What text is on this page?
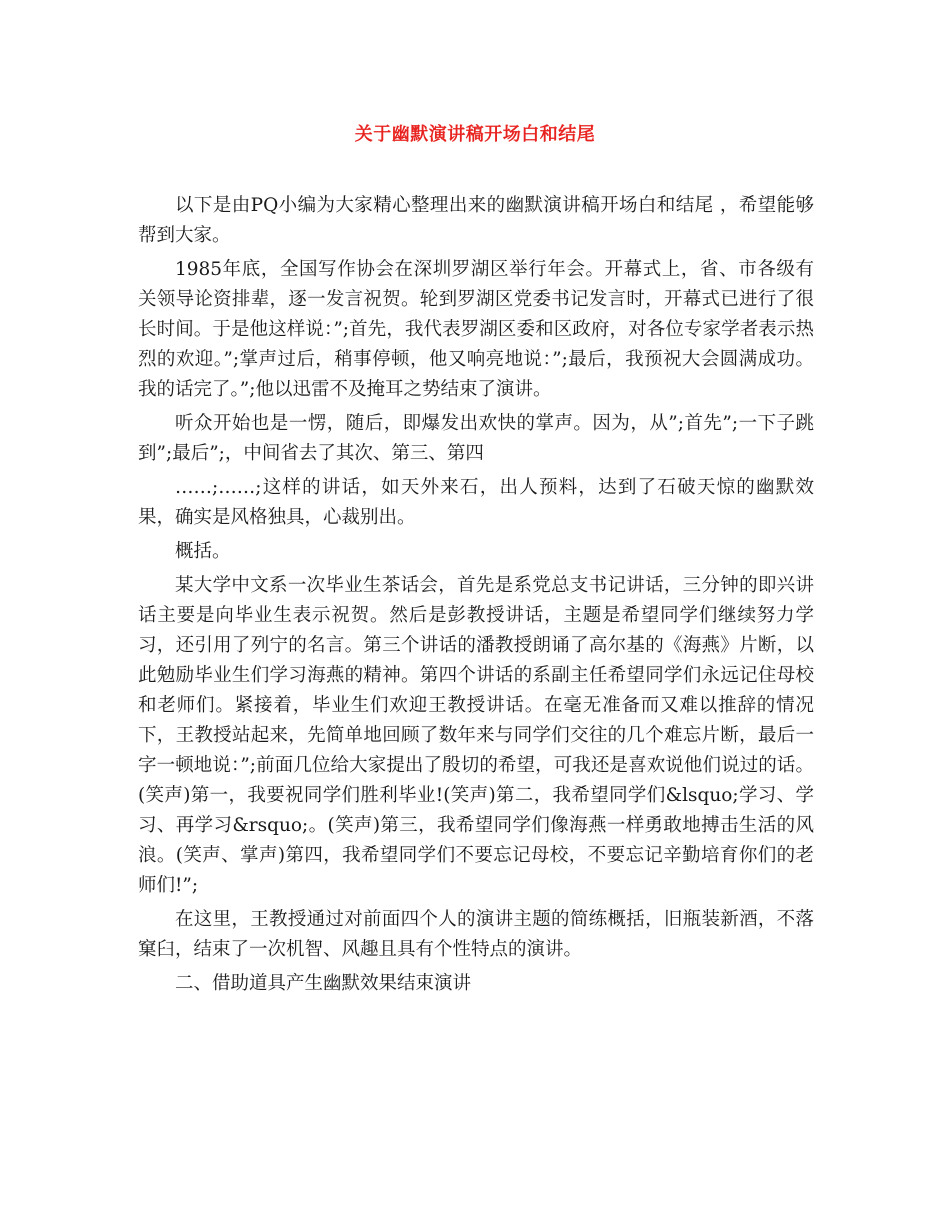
关于幽默演讲稿开场白和结尾

以下是由PQ小编为大家精心整理出来的幽默演讲稿开场白和结尾 ，希望能够帮到大家。

1985年底，全国写作协会在深圳罗湖区举行年会。开幕式上，省、市各级有关领导论资排辈，逐一发言祝贺。轮到罗湖区党委书记发言时，开幕式已进行了很长时间。于是他这样说：”;首先，我代表罗湖区委和区政府，对各位专家学者表示热烈的欢迎。”;掌声过后，稍事停顿，他又响亮地说：”;最后，我预祝大会圆满成功。我的话完了。”;他以迅雷不及掩耳之势结束了演讲。

听众开始也是一愣，随后，即爆发出欢快的掌声。因为，从”;首先”;一下子跳到”;最后”;，中间省去了其次、第三、第四

……;……;这样的讲话，如天外来石，出人预料，达到了石破天惊的幽默效果，确实是风格独具，心裁别出。

概括。

某大学中文系一次毕业生茶话会，首先是系党总支书记讲话，三分钟的即兴讲话主要是向毕业生表示祝贺。然后是彭教授讲话，主题是希望同学们继续努力学习，还引用了列宁的名言。第三个讲话的潘教授朗诵了高尔基的《海燕》片断，以此勉励毕业生们学习海燕的精神。第四个讲话的系副主任希望同学们永远记住母校和老师们。紧接着，毕业生们欢迎王教授讲话。在毫无准备而又难以推辞的情况下，王教授站起来，先简单地回顾了数年来与同学们交往的几个难忘片断，最后一字一顿地说：”;前面几位给大家提出了殷切的希望，可我还是喜欢说他们说过的话。(笑声)第一，我要祝同学们胜利毕业!(笑声)第二，我希望同学们&lsquo;学习、学习、再学习&rsquo;。(笑声)第三，我希望同学们像海燕一样勇敢地搏击生活的风浪。(笑声、掌声)第四，我希望同学们不要忘记母校，不要忘记辛勤培育你们的老师们!”;

在这里，王教授通过对前面四个人的演讲主题的简练概括，旧瓶装新酒，不落窠臼，结束了一次机智、风趣且具有个性特点的演讲。

二、借助道具产生幽默效果结束演讲
